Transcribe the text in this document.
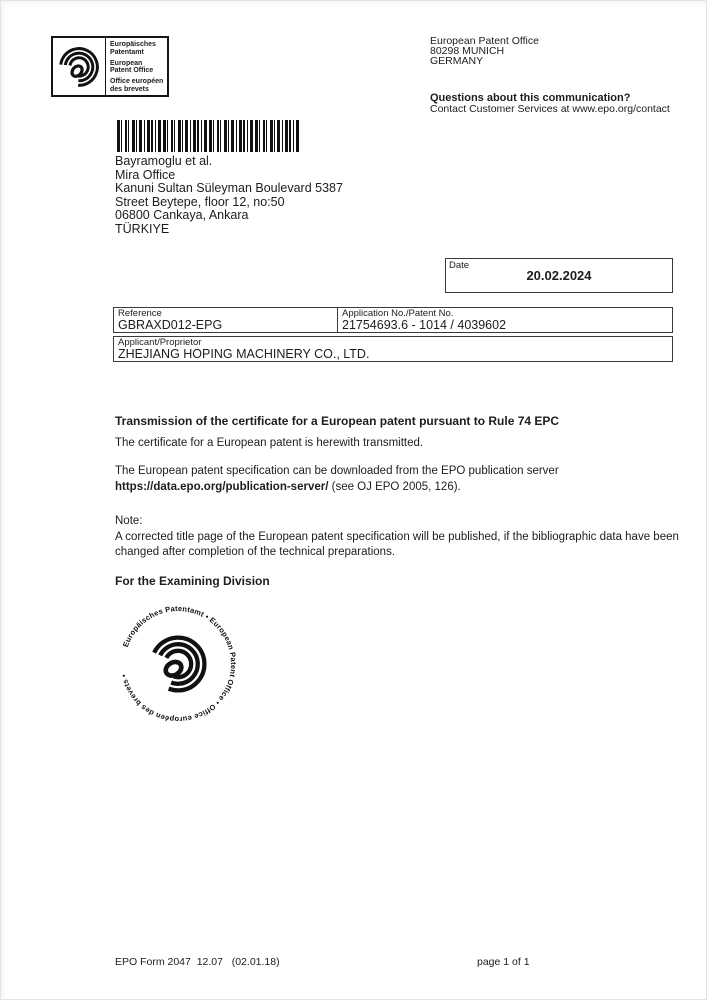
Europäisches
Patentamt
European
Patent Office
Office européen
des brevets
European Patent Office
80298 MUNICH
GERMANY
Questions about this communication?
Contact Customer Services at www.epo.org/contact
Bayramoglu et al.
Mira Office
Kanuni Sultan Süleyman Boulevard 5387
Street Beytepe, floor 12, no:50
06800 Cankaya, Ankara
TÜRKIYE
Date
20.02.2024
Reference
GBRAXD012-EPG
Application No./Patent No.
21754693.6 - 1014 / 4039602
Applicant/Proprietor
ZHEJIANG HOPING MACHINERY CO., LTD.
Transmission of the certificate for a European patent pursuant to Rule 74 EPC
The certificate for a European patent is herewith transmitted.
The European patent specification can be downloaded from the EPO publication server
https://data.epo.org/publication-server/ (see OJ EPO 2005, 126).
Note:
A corrected title page of the European patent specification will be published, if the bibliographic data have been changed after completion of the technical preparations.
For the Examining Division
Europäisches Patentamt • European Patent Office • Office européen des brevets •
EPO Form 2047  12.07   (02.01.18)	page 1 of 1
